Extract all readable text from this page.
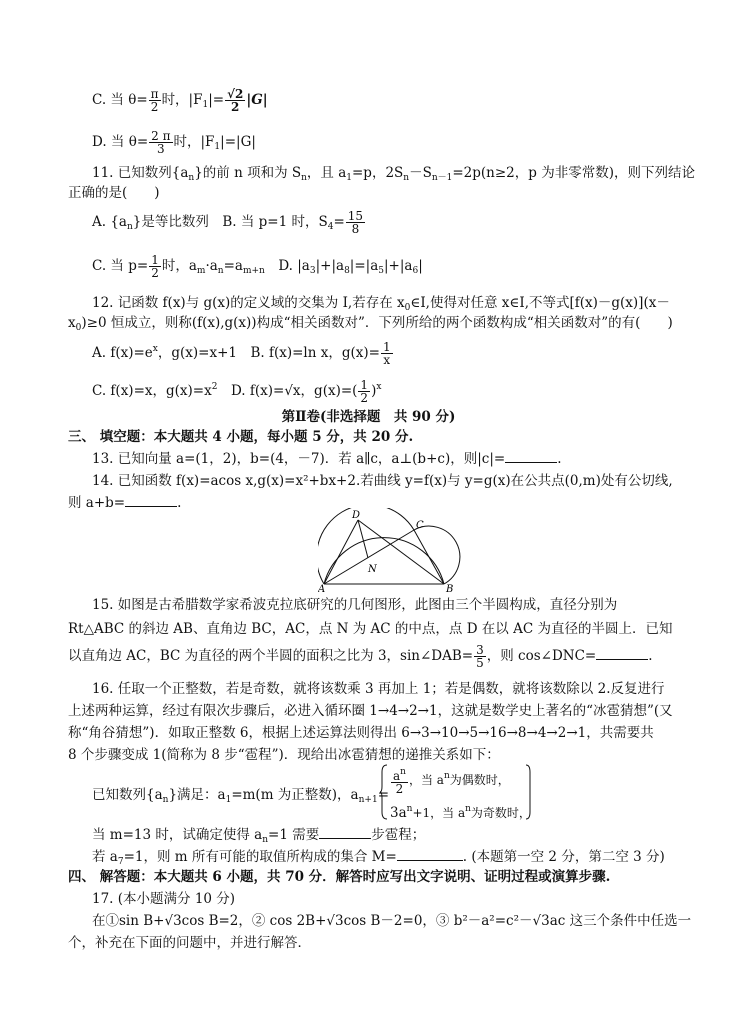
C. 当 $\theta= \frac{\pi}{2}$ 时，$|F_1|= \frac{√2}{2} |G|$
D. 当 $\theta= \frac{2 \pi}{3}$ 时，$|F_1|=|G|$
11. 已知数列$\{a_n\}$的前 n 项和为 $S_n$，且 $a_1=p$，$2S_n-S_{n-1}=2p(n\ge 2$，p 为非零常数)，则下列结论
正确的是(　　)
A. $\{a_n\}$是等比数列　B. 当 p=1 时，$S_4= \frac{15}{8}$
C. 当 $p= \frac{1}{2}$ 时，$a_m\cdot a_n=a_{m+n}$　D. $|a_3|+|a_8|=|a_5|+|a_6|$
12. 记函数 f(x)与 g(x)的定义域的交集为 I,若存在 $x_0\in I$,使得对任意 x∈I,不等式[f(x)－g(x)](x－
$x_0)\ge 0$ 恒成立，则称(f(x),g(x))构成“相关函数对”．下列所给的两个函数构成“相关函数对”的有(　　)
A. $f(x)=e^x$，g(x)=x+1　B. f(x)=ln x，$g(x)= \frac{1}{x}$
C. f(x)=x，$g(x)=x^2$　D. f(x)=√x，$g(x)=( \frac{1}{2} )^x$
第Ⅱ卷(非选择题　共 90 分)
三、 填空题：本大题共 4 小题，每小题 5 分，共 20 分.
13. 已知向量 a=(1，2)，b=(4，－7)．若 a∥c，a⊥(b+c)，则|c|=	.
14. 已知函数 f(x)=acos x,g(x)=x²+bx+2.若曲线 y=f(x)与 y=g(x)在公共点(0,m)处有公切线,
则 a+b=	.
D
C
N
A	B
15. 如图是古希腊数学家希波克拉底研究的几何图形，此图由三个半圆构成，直径分别为
Rt△ABC 的斜边 AB、直角边 BC，AC，点 N 为 AC 的中点，点 D 在以 AC 为直径的半圆上．已知
以直角边 AC，BC 为直径的两个半圆的面积之比为 3，sin∠DAB= $\frac{3}{5}$ ，则 cos∠DNC=	.
16. 任取一个正整数，若是奇数，就将该数乘 3 再加上 1；若是偶数，就将该数除以 2.反复进行
上述两种运算，经过有限次步骤后，必进入循环圈 1→4→2→1，这就是数学史上著名的“冰雹猜想”(又
称“角谷猜想”)．如取正整数 6，根据上述运算法则得出 6→3→10→5→16→8→4→2→1，共需要共
8 个步骤变成 1(简称为 8 步“雹程”)．现给出冰雹猜想的递推关系如下：
已知数列$\{a_n\}$满足：$a_1=m(m$ 为正整数)，$a_{n+1}= \frac{a^n}{2}$ ，当 $a^n$为偶数时，
$3a^n+1$，当 $a^n$为奇数时，
当 m=13 时，试确定使得 $a_n=1$ 需要	步雹程；
若 $a_7=1$，则 m 所有可能的取值所构成的集合 M=	. (本题第一空 2 分，第二空 3 分)
四、 解答题：本大题共 6 小题，共 70 分．解答时应写出文字说明、证明过程或演算步骤.
17. (本小题满分 10 分)
在①sin B+√3cos B=2，② cos 2B+√3cos B－2=0，③ b²－a²=c²－√3ac 这三个条件中任选一
个，补充在下面的问题中，并进行解答．
